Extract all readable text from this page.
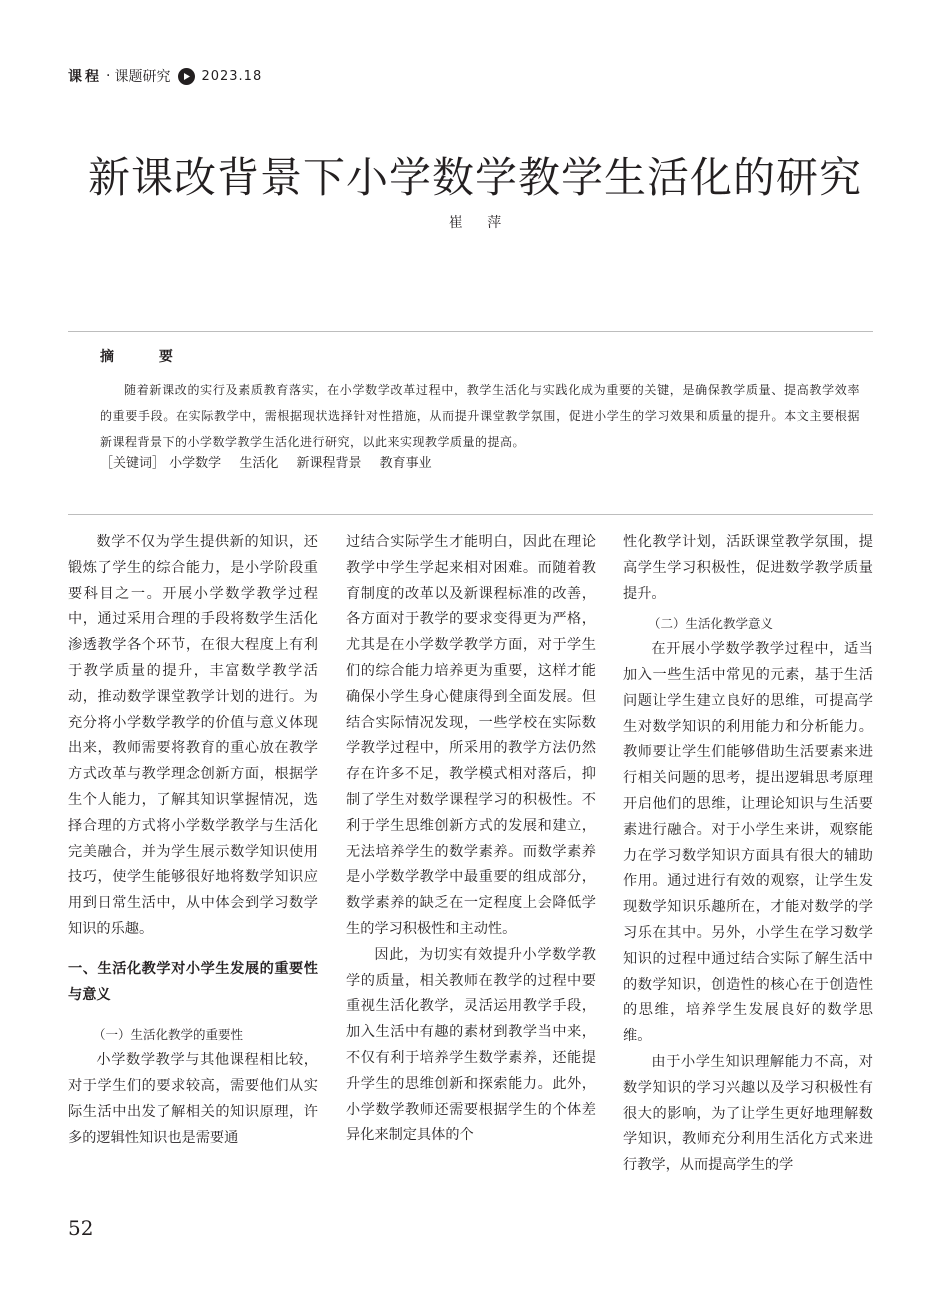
课程 · 课题研究 2023.18
新课改背景下小学数学教学生活化的研究
崔 萍
摘 要

随着新课改的实行及素质教育落实，在小学数学改革过程中，教学生活化与实践化成为重要的关键，是确保教学质量、提高教学效率的重要手段。在实际教学中，需根据现状选择针对性措施，从而提升课堂教学氛围，促进小学生的学习效果和质量的提升。本文主要根据新课程背景下的小学数学教学生活化进行研究，以此来实现教学质量的提高。

［关键词］ 小学数学 生活化 新课程背景 教育事业

数学不仅为学生提供新的知识，还锻炼了学生的综合能力，是小学阶段重要科目之一。开展小学数学教学过程中，通过采用合理的手段将数学生活化渗透教学各个环节，在很大程度上有利于教学质量的提升，丰富数学教学活动，推动数学课堂教学计划的进行。为充分将小学数学教学的价值与意义体现出来，教师需要将教育的重心放在教学方式改革与教学理念创新方面，根据学生个人能力，了解其知识掌握情况，选择合理的方式将小学数学教学与生活化完美融合，并为学生展示数学知识使用技巧，使学生能够很好地将数学知识应用到日常生活中，从中体会到学习数学知识的乐趣。

一、生活化教学对小学生发展的重要性与意义
（一）生活化教学的重要性

小学数学教学与其他课程相比较，对于学生们的要求较高，需要他们从实际生活中出发了解相关的知识原理，许多的逻辑性知识也是需要通

过结合实际学生才能明白，因此在理论教学中学生学起来相对困难。而随着教育制度的改革以及新课程标准的改善，各方面对于教学的要求变得更为严格，尤其是在小学数学教学方面，对于学生们的综合能力培养更为重要，这样才能确保小学生身心健康得到全面发展。但结合实际情况发现，一些学校在实际数学教学过程中，所采用的教学方法仍然存在许多不足，教学模式相对落后，抑制了学生对数学课程学习的积极性。不利于学生思维创新方式的发展和建立，无法培养学生的数学素养。而数学素养是小学数学教学中最重要的组成部分，数学素养的缺乏在一定程度上会降低学生的学习积极性和主动性。

因此，为切实有效提升小学数学教学的质量，相关教师在教学的过程中要重视生活化教学，灵活运用教学手段，加入生活中有趣的素材到教学当中来，不仅有利于培养学生数学素养，还能提升学生的思维创新和探索能力。此外，小学数学教师还需要根据学生的个体差异化来制定具体的个

性化教学计划，活跃课堂教学氛围，提高学生学习积极性，促进数学教学质量提升。

（二）生活化教学意义

在开展小学数学教学过程中，适当加入一些生活中常见的元素，基于生活问题让学生建立良好的思维，可提高学生对数学知识的利用能力和分析能力。教师要让学生们能够借助生活要素来进行相关问题的思考，提出逻辑思考原理开启他们的思维，让理论知识与生活要素进行融合。对于小学生来讲，观察能力在学习数学知识方面具有很大的辅助作用。通过进行有效的观察，让学生发现数学知识乐趣所在，才能对数学的学习乐在其中。另外，小学生在学习数学知识的过程中通过结合实际了解生活中的数学知识，创造性的核心在于创造性的思维，培养学生发展良好的数学思维。

由于小学生知识理解能力不高，对数学知识的学习兴趣以及学习积极性有很大的影响，为了让学生更好地理解数学知识，教师充分利用生活化方式来进行教学，从而提高学生的学

52
